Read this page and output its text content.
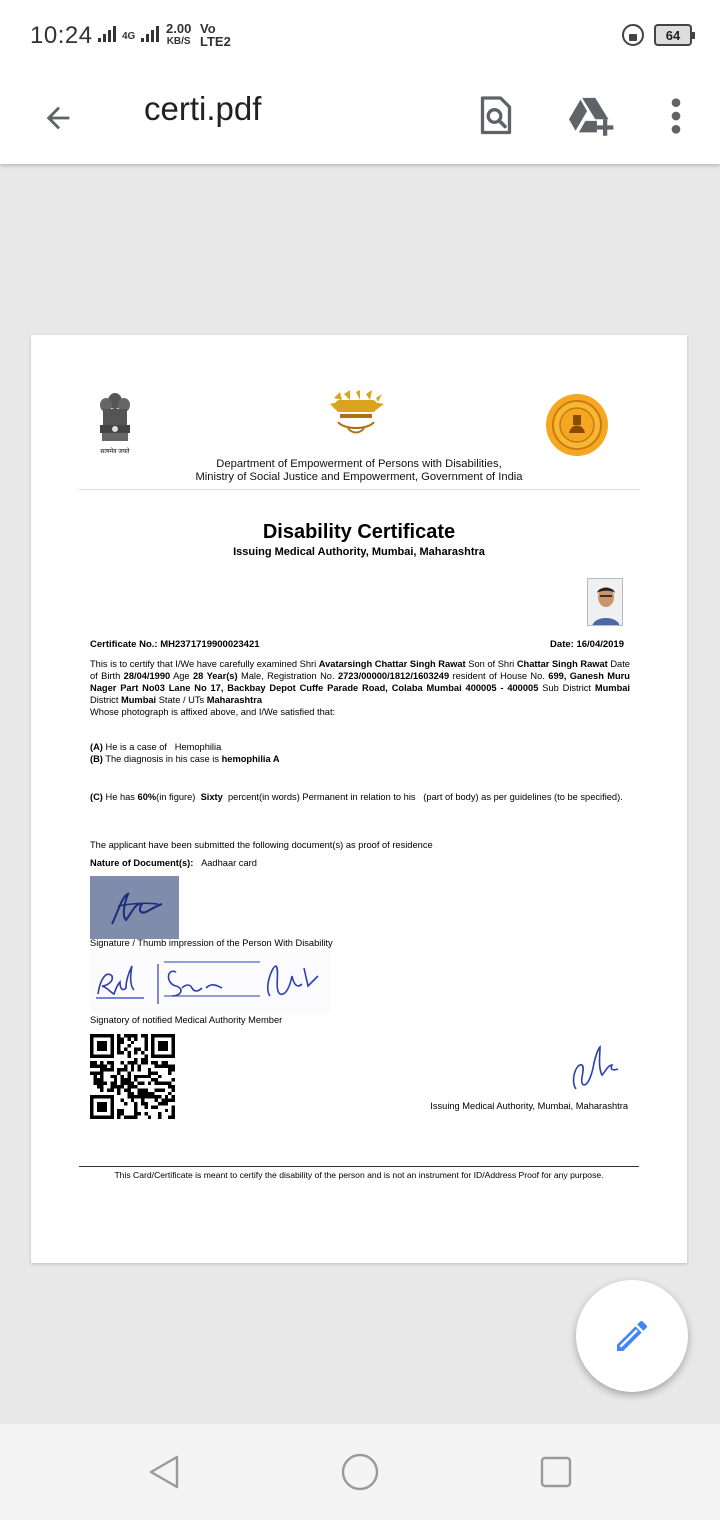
10:24	4G
2.00
KB/S
Vo
LTE2	64
certi.pdf
सत्यमेव जयते
Department of Empowerment of Persons with Disabilities,
Ministry of Social Justice and Empowerment, Government of India
Disability Certificate
Issuing Medical Authority, Mumbai, Maharashtra
Certificate No.: MH2371719900023421	Date: 16/04/2019
This is to certify that I/We have carefully examined Shri Avatarsingh Chattar Singh Rawat Son of Shri Chattar Singh Rawat Date of Birth 28/04/1990 Age 28 Year(s) Male, Registration No. 2723/00000/1812/1603249 resident of House No. 699, Ganesh Muru Nager Part No03 Lane No 17, Backbay Depot Cuffe Parade Road, Colaba Mumbai 400005 - 400005 Sub District Mumbai District Mumbai State / UTs Maharashtra
Whose photograph is affixed above, and I/We satisfied that:
(A) He is a case of   Hemophilia
(B) The diagnosis in his case is hemophilia A
(C) He has 60%(in figure)  Sixty  percent(in words) Permanent in relation to his   (part of body) as per guidelines (to be specified).
The applicant have been submitted the following document(s) as proof of residence
Nature of Document(s): Aadhaar card
Signature / Thumb impression of the Person With Disability
Signatory of notified Medical Authority Member
Issuing Medical Authority, Mumbai, Maharashtra
This Card/Certificate is meant to certify the disability of the person and is not an instrument for ID/Address Proof for any purpose.
